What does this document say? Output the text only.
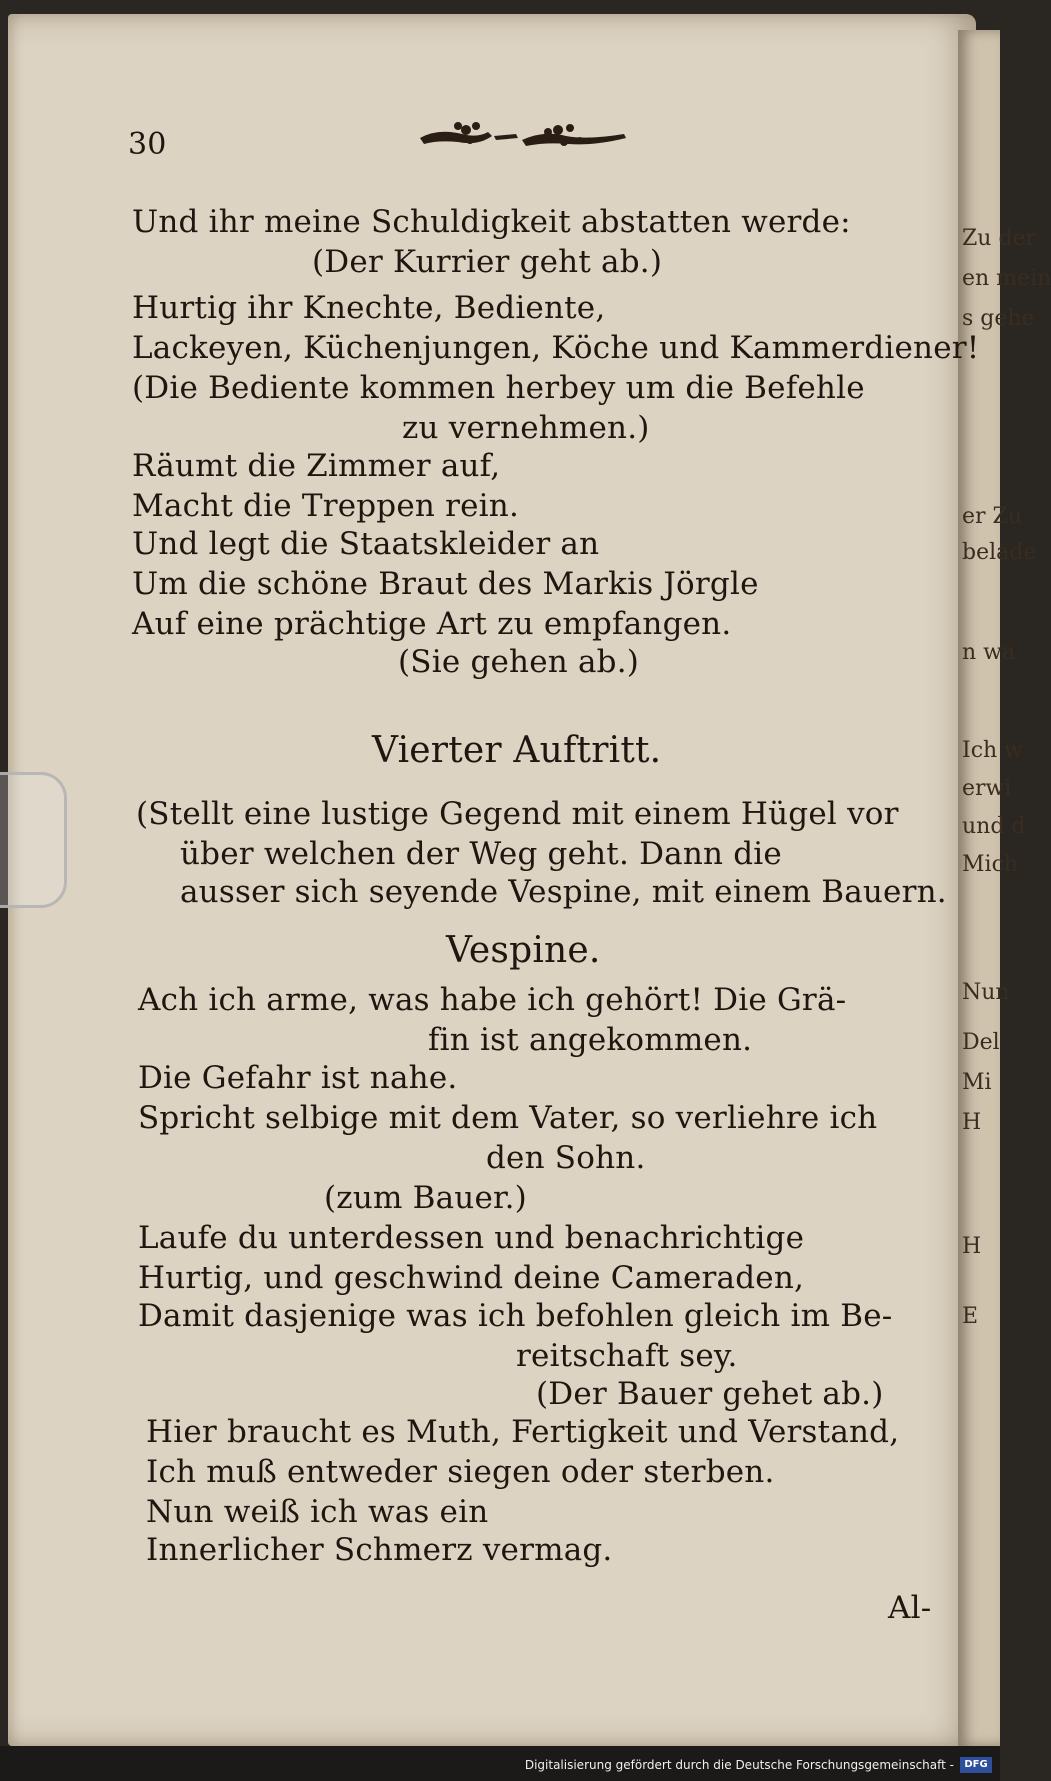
Zu der
en mein
s gehe
er Zu
belade
n wa
Ich w
erwi
und d
Mich
Nun
Del
Mi
H
H
E
30
Und ihr meine Schuldigkeit abstatten werde:
(Der Kurrier geht ab.)
Hurtig ihr Knechte, Bediente,
Lackeyen, Küchenjungen, Köche und Kammerdiener!
(Die Bediente kommen herbey um die Befehle
zu vernehmen.)
Räumt die Zimmer auf,
Macht die Treppen rein.
Und legt die Staatskleider an
Um die schöne Braut des Markis Jörgle
Auf eine prächtige Art zu empfangen.
(Sie gehen ab.)
Vierter Auftritt.
(Stellt eine lustige Gegend mit einem Hügel vor
über welchen der Weg geht. Dann die
ausser sich seyende Vespine, mit einem Bauern.
Vespine.
Ach ich arme, was habe ich gehört! Die Grä-
fin ist angekommen.
Die Gefahr ist nahe.
Spricht selbige mit dem Vater, so verliehre ich
den Sohn.
(zum Bauer.)
Laufe du unterdessen und benachrichtige
Hurtig, und geschwind deine Cameraden,
Damit dasjenige was ich befohlen gleich im Be-
reitschaft sey.
(Der Bauer gehet ab.)
Hier braucht es Muth, Fertigkeit und Verstand,
Ich muß entweder siegen oder sterben.
Nun weiß ich was ein
Innerlicher Schmerz vermag.
Al-
Digitalisierung gefördert durch die Deutsche Forschungsgemeinschaft -	DFG
